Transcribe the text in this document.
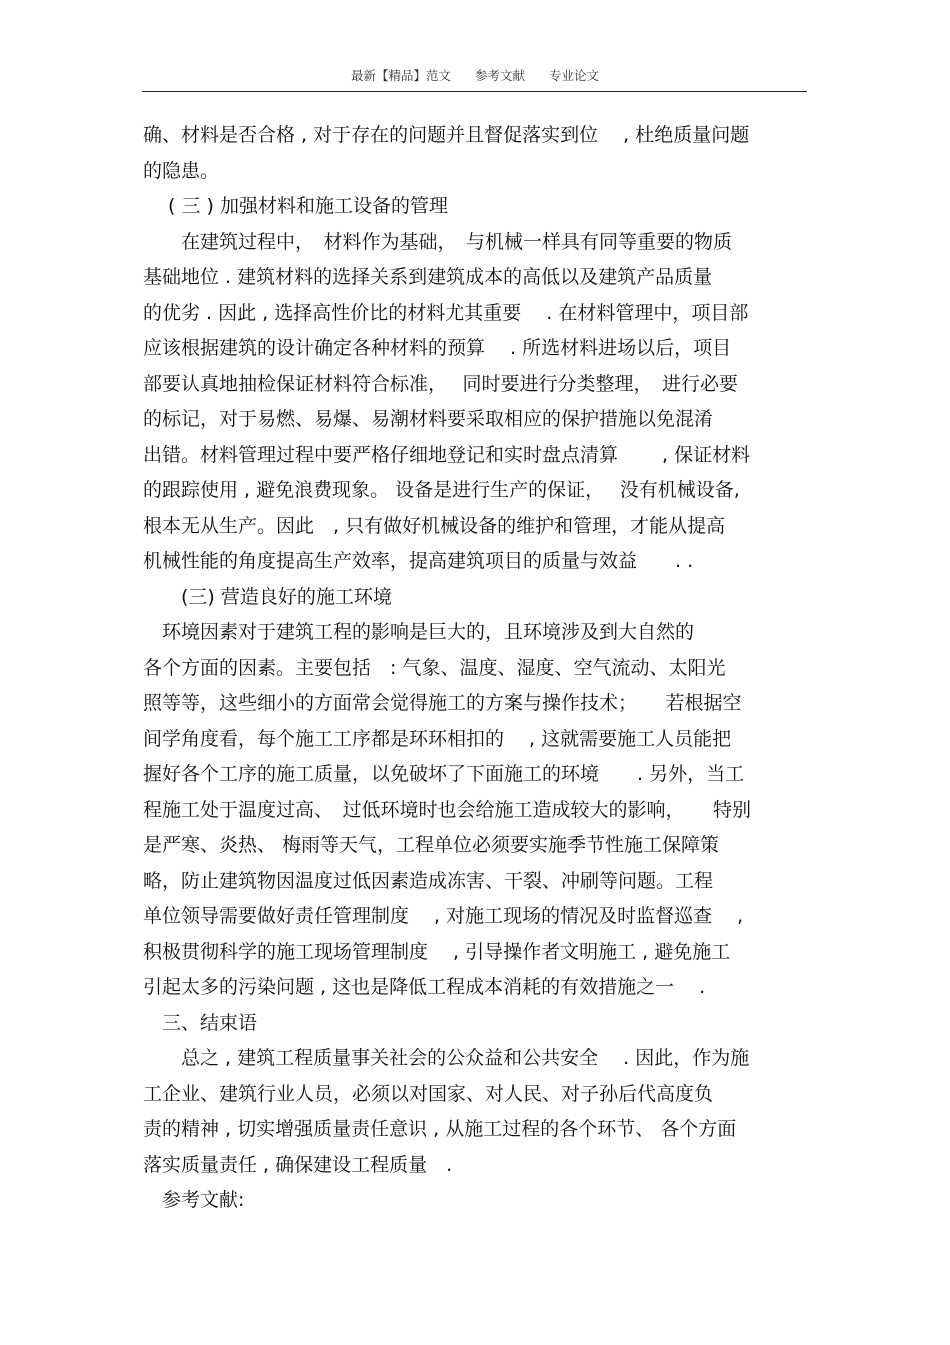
最新【精品】范文 参考文献 专业论文
确、材料是否合格 , 对于存在的问题并且督促落实到位　 , 杜绝质量问题
的隐患。
　 ( 三 ) 加强材料和施工设备的管理
　　在建筑过程中，　材料作为基础，　与机械一样具有同等重要的物质
基础地位 . 建筑材料的选择关系到建筑成本的高低以及建筑产品质量
的优劣 . 因此 , 选择高性价比的材料尤其重要　 . 在材料管理中，项目部
应该根据建筑的设计确定各种材料的预算　 . 所选材料进场以后，项目
部要认真地抽检保证材料符合标准，　 同时要进行分类整理，　进行必要
的标记，对于易燃、易爆、易潮材料要采取相应的保护措施以免混淆
出错。材料管理过程中要严格仔细地登记和实时盘点清算　　 , 保证材料
的跟踪使用 , 避免浪费现象。 设备是进行生产的保证，　 没有机械设备,
根本无从生产。因此　, 只有做好机械设备的维护和管理，才能从提高
机械性能的角度提高生产效率，提高建筑项目的质量与效益　　. .
　　(三) 营造良好的施工环境
　环境因素对于建筑工程的影响是巨大的，且环境涉及到大自然的
各个方面的因素。主要包括　: 气象、温度、湿度、空气流动、太阳光
照等等，这些细小的方面常会觉得施工的方案与操作技术；　　若根据空
间学角度看，每个施工工序都是环环相扣的　 , 这就需要施工人员能把
握好各个工序的施工质量，以免破坏了下面施工的环境　　. 另外，当工
程施工处于温度过高、　过低环境时也会给施工造成较大的影响，　　特别
是严寒、炎热、 梅雨等天气，工程单位必须要实施季节性施工保障策
略，防止建筑物因温度过低因素造成冻害、干裂、冲刷等问题。工程
单位领导需要做好责任管理制度　 , 对施工现场的情况及时监督巡查　 ,
积极贯彻科学的施工现场管理制度　 , 引导操作者文明施工 , 避免施工
引起太多的污染问题 , 这也是降低工程成本消耗的有效措施之一　 .
　三、结束语
　　总之 , 建筑工程质量事关社会的公众益和公共安全　 . 因此，作为施
工企业、建筑行业人员，必须以对国家、对人民、对子孙后代高度负
责的精神 , 切实增强质量责任意识 , 从施工过程的各个环节、 各个方面
落实质量责任 , 确保建设工程质量　.
　参考文献:
